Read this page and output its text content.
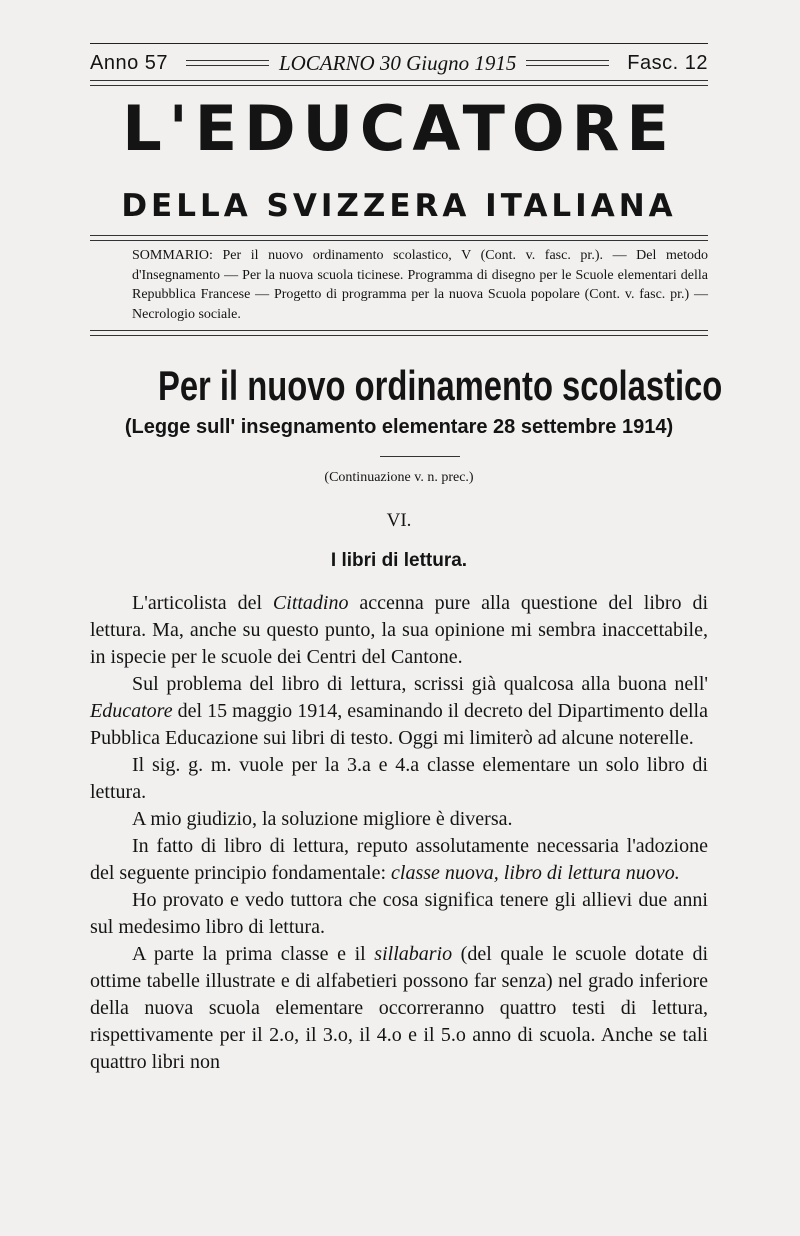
Anno 57	LOCARNO 30 Giugno 1915	Fasc. 12
L'EDUCATORE
DELLA SVIZZERA ITALIANA
SOMMARIO: Per il nuovo ordinamento scolastico, V (Cont. v. fasc. pr.). — Del metodo d'Insegnamento — Per la nuova scuola ticinese. Programma di disegno per le Scuole elementari della Repubblica Francese — Progetto di programma per la nuova Scuola popolare (Cont. v. fasc. pr.) — Necrologio sociale.
Per il nuovo ordinamento scolastico
(Legge sull' insegnamento elementare 28 settembre 1914)
(Continuazione v. n. prec.)
VI.
I libri di lettura.

L'articolista del Cittadino accenna pure alla questione del libro di lettura. Ma, anche su questo punto, la sua opinione mi sembra inaccettabile, in ispecie per le scuole dei Centri del Cantone.

Sul problema del libro di lettura, scrissi già qualcosa alla buona nell' Educatore del 15 maggio 1914, esaminando il decreto del Dipartimento della Pubblica Educazione sui libri di testo. Oggi mi limiterò ad alcune noterelle.

Il sig. g. m. vuole per la 3.a e 4.a classe elementare un solo libro di lettura.

A mio giudizio, la soluzione migliore è diversa.

In fatto di libro di lettura, reputo assolutamente necessaria l'adozione del seguente principio fondamentale: classe nuova, libro di lettura nuovo.

Ho provato e vedo tuttora che cosa significa tenere gli allievi due anni sul medesimo libro di lettura.

A parte la prima classe e il sillabario (del quale le scuole dotate di ottime tabelle illustrate e di alfabetieri possono far senza) nel grado inferiore della nuova scuola elementare occorreranno quattro testi di lettura, rispettivamente per il 2.o, il 3.o, il 4.o e il 5.o anno di scuola. Anche se tali quattro libri non
